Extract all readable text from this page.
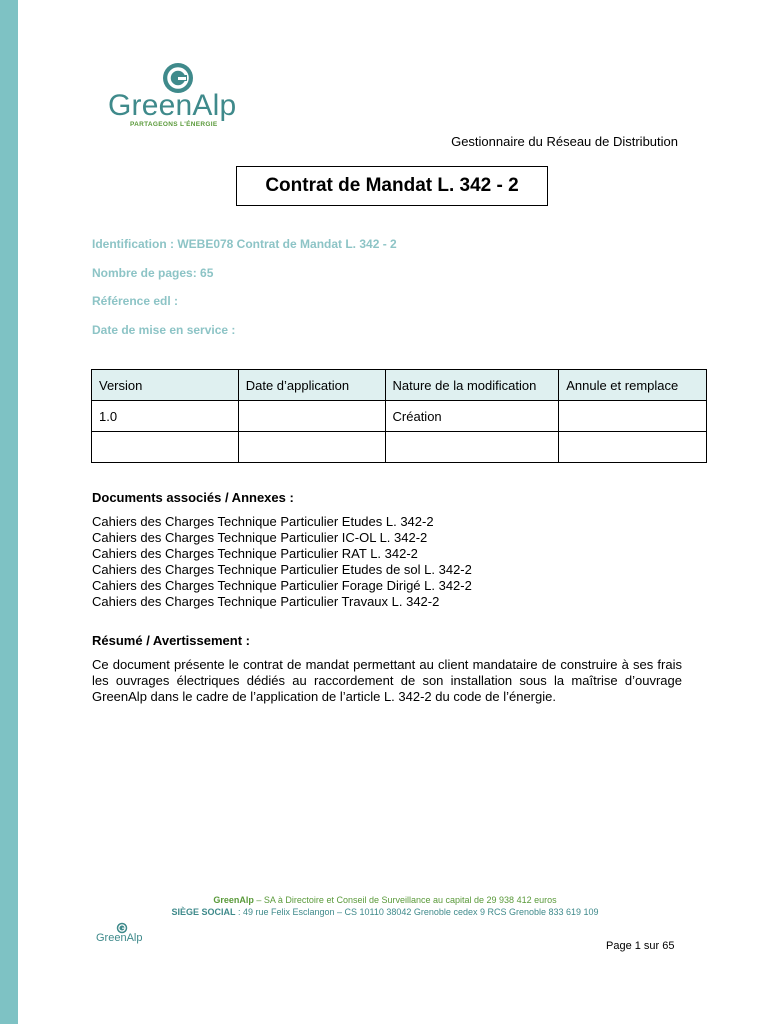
GreenAlp
PARTAGEONS L'ÉNERGIE
Gestionnaire du Réseau de Distribution
Contrat de Mandat L. 342 - 2
Identification : WEBE078 Contrat de Mandat L. 342 - 2
Nombre de pages: 65
Référence edl :
Date de mise en service :
Version	Date d’application	Nature de la modification	Annule et remplace
1.0		Création	

Documents associés / Annexes :
Cahiers des Charges Technique Particulier Etudes L. 342-2
Cahiers des Charges Technique Particulier IC-OL L. 342-2
Cahiers des Charges Technique Particulier RAT L. 342-2
Cahiers des Charges Technique Particulier Etudes de sol L. 342-2
Cahiers des Charges Technique Particulier Forage Dirigé L. 342-2
Cahiers des Charges Technique Particulier Travaux L. 342-2
Résumé / Avertissement :
Ce document présente le contrat de mandat permettant au client mandataire de construire à ses frais les ouvrages électriques dédiés au raccordement de son installation sous la maîtrise d’ouvrage GreenAlp dans le cadre de l’application de l’article L. 342-2 du code de l’énergie.
GreenAlp – SA à Directoire et Conseil de Surveillance au capital de 29 938 412 euros
SIÈGE SOCIAL : 49 rue Felix Esclangon – CS 10110 38042 Grenoble cedex 9 RCS Grenoble 833 619 109
GreenAlp
Page 1 sur 65
